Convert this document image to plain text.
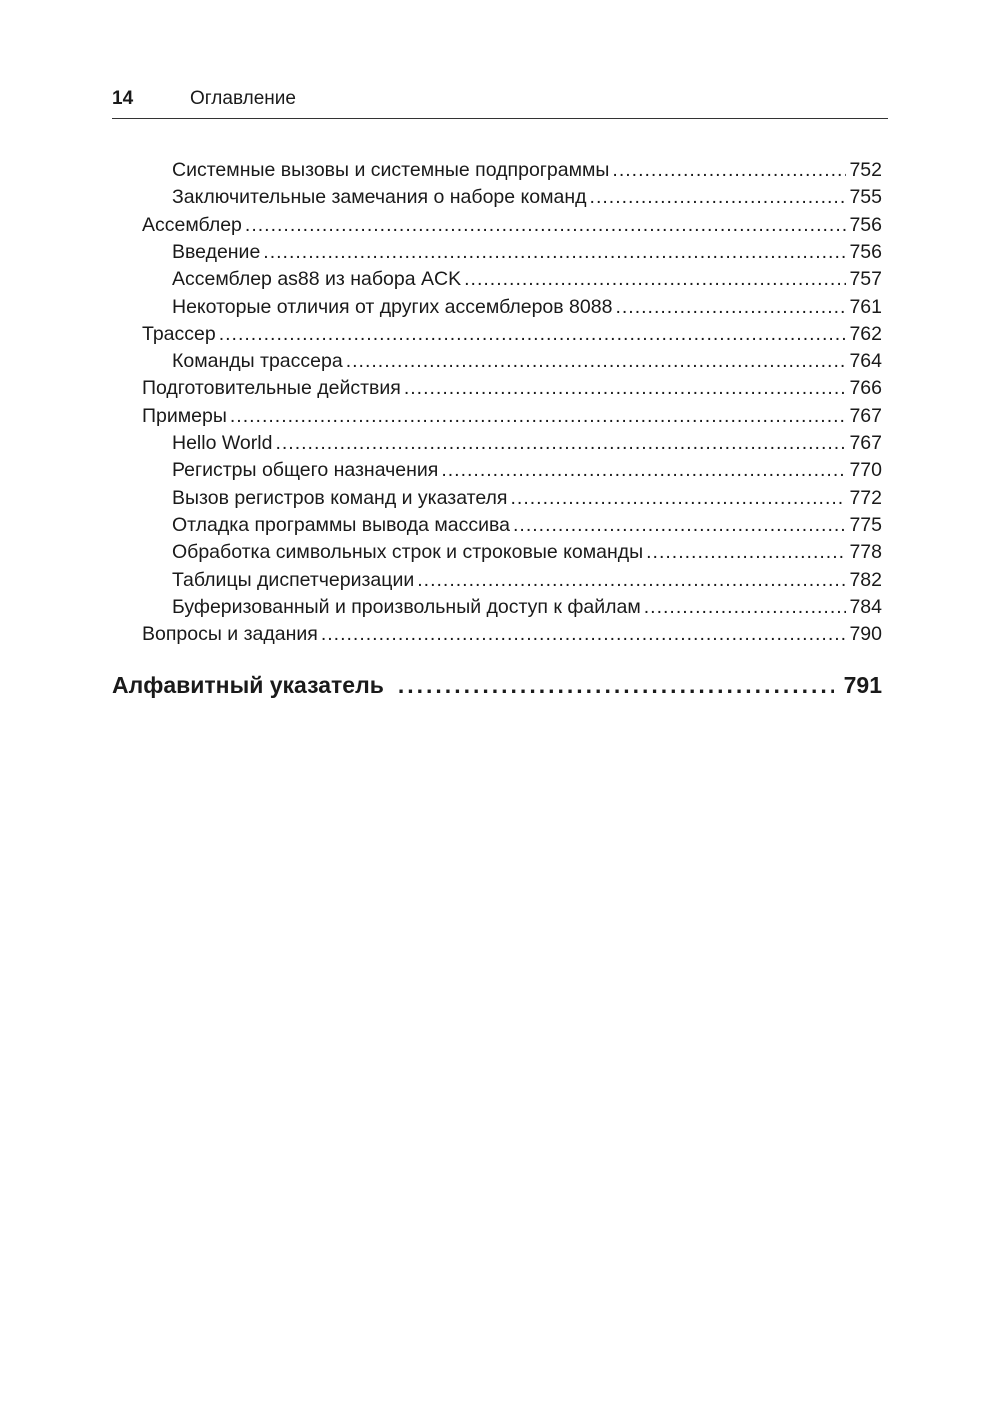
14	Оглавление
Системные вызовы и системные подпрограммы .....	752
Заключительные замечания о наборе команд .....	755
Ассемблер .....	756
Введение .....	756
Ассемблер as88 из набора ACK .....	757
Некоторые отличия от других ассемблеров 8088 .....	761
Трассер .....	762
Команды трассера .....	764
Подготовительные действия .....	766
Примеры .....	767
Hello World .....	767
Регистры общего назначения .....	770
Вызов регистров команд и указателя .....	772
Отладка программы вывода массива .....	775
Обработка символьных строк и строковые команды .....	778
Таблицы диспетчеризации .....	782
Буферизованный и произвольный доступ к файлам .....	784
Вопросы и задания .....	790
Алфавитный указатель .....	791
